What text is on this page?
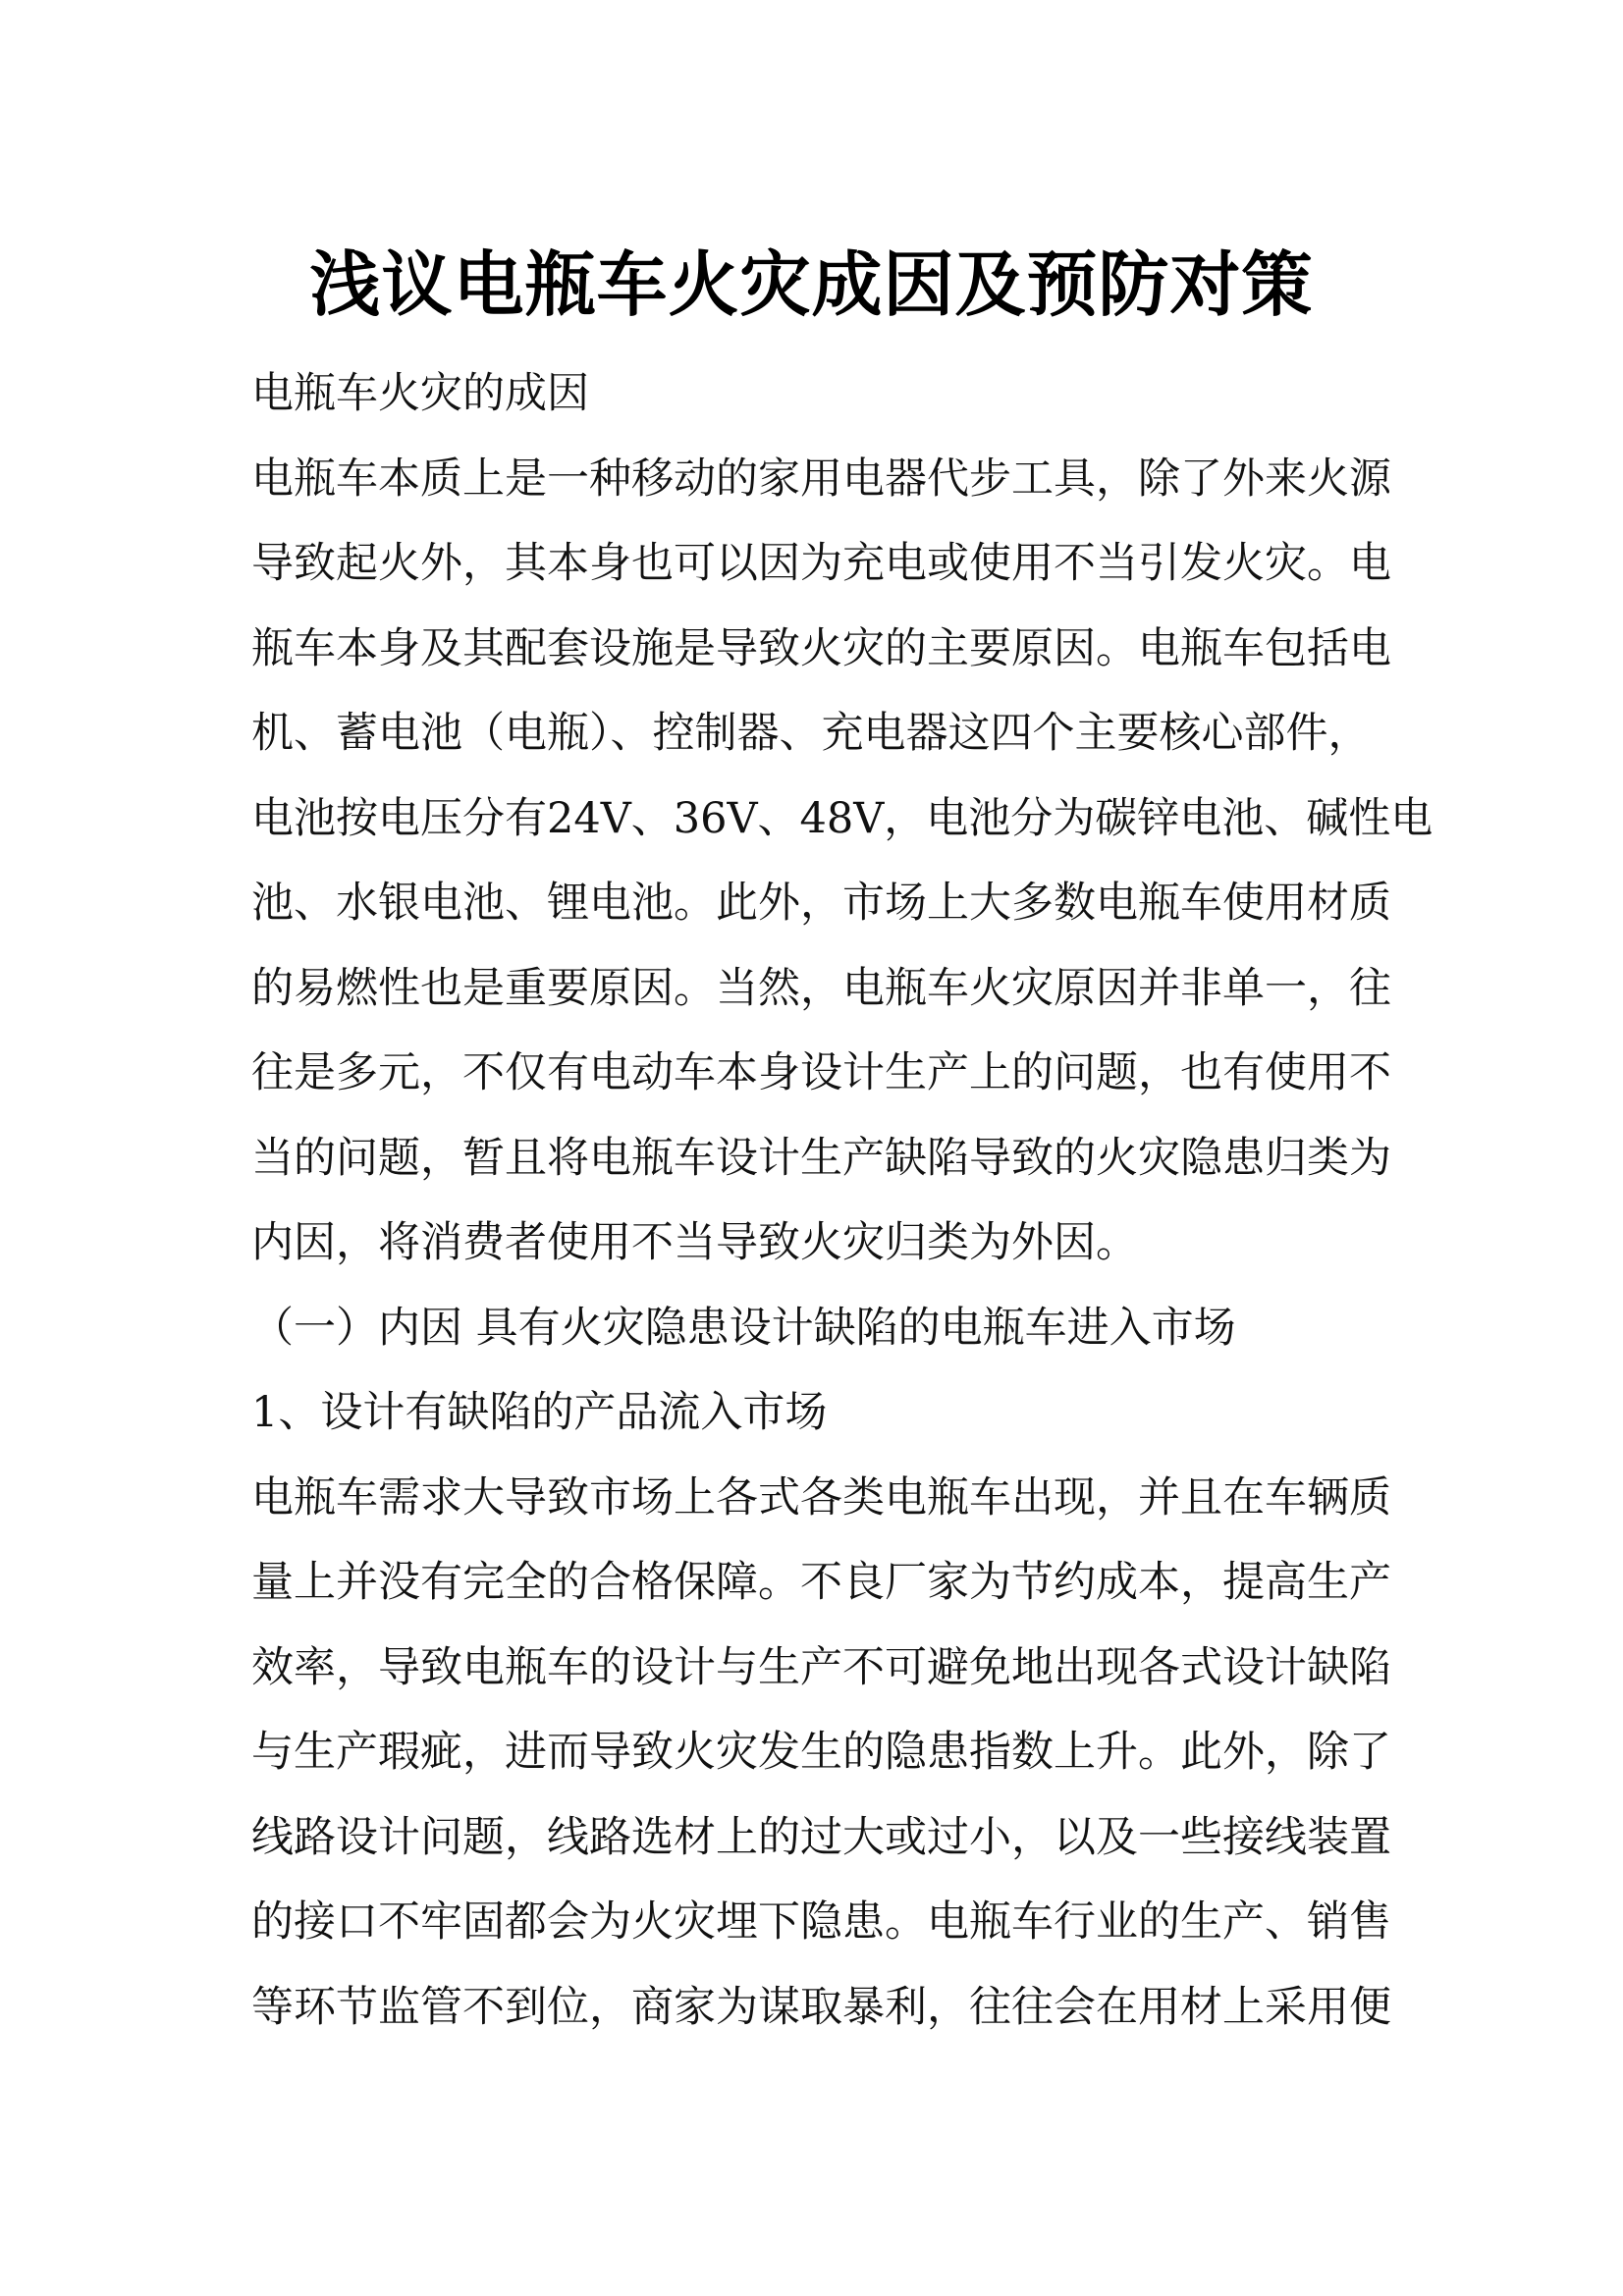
浅议电瓶车火灾成因及预防对策
电瓶车火灾的成因
电瓶车本质上是一种移动的家用电器代步工具，除了外来火源
导致起火外，其本身也可以因为充电或使用不当引发火灾。电
瓶车本身及其配套设施是导致火灾的主要原因。电瓶车包括电
机、蓄电池（电瓶）、控制器、充电器这四个主要核心部件，
电池按电压分有24V、36V、48V，电池分为碳锌电池、碱性电
池、水银电池、锂电池。此外，市场上大多数电瓶车使用材质
的易燃性也是重要原因。当然，电瓶车火灾原因并非单一，往
往是多元，不仅有电动车本身设计生产上的问题，也有使用不
当的问题，暂且将电瓶车设计生产缺陷导致的火灾隐患归类为
内因，将消费者使用不当导致火灾归类为外因。
（一）内因 具有火灾隐患设计缺陷的电瓶车进入市场
1、设计有缺陷的产品流入市场
电瓶车需求大导致市场上各式各类电瓶车出现，并且在车辆质
量上并没有完全的合格保障。不良厂家为节约成本，提高生产
效率，导致电瓶车的设计与生产不可避免地出现各式设计缺陷
与生产瑕疵，进而导致火灾发生的隐患指数上升。此外，除了
线路设计问题，线路选材上的过大或过小，以及一些接线装置
的接口不牢固都会为火灾埋下隐患。电瓶车行业的生产、销售
等环节监管不到位，商家为谋取暴利，往往会在用材上采用便
